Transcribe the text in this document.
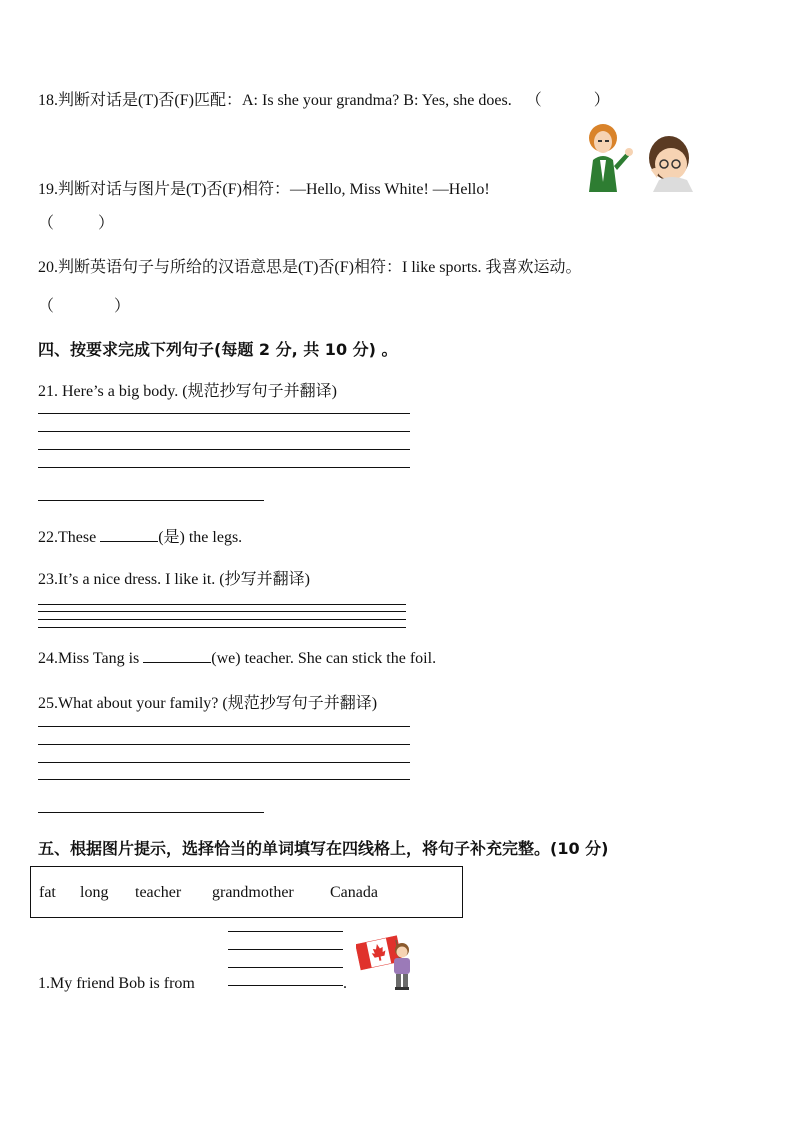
18.判断对话是(T)否(F)匹配：A: Is she your grandma? B: Yes, she does. （	）
19.判断对话与图片是(T)否(F)相符：—Hello, Miss White! —Hello!
（	）
20.判断英语句子与所给的汉语意思是(T)否(F)相符：I like sports. 我喜欢运动。
（	）
四、按要求完成下列句子(每题 2 分, 共 10 分) 。
21. Here’s a big body. (规范抄写句子并翻译)
22.These	(是) the legs.
23.It’s a nice dress. I like it. (抄写并翻译)
24.Miss Tang is	(we) teacher. She can stick the foil.
25.What about your family? (规范抄写句子并翻译)
五、根据图片提示，选择恰当的单词填写在四线格上，将句子补充完整。(10 分)
fat long teacher grandmother Canada
1.My friend Bob is from	.
